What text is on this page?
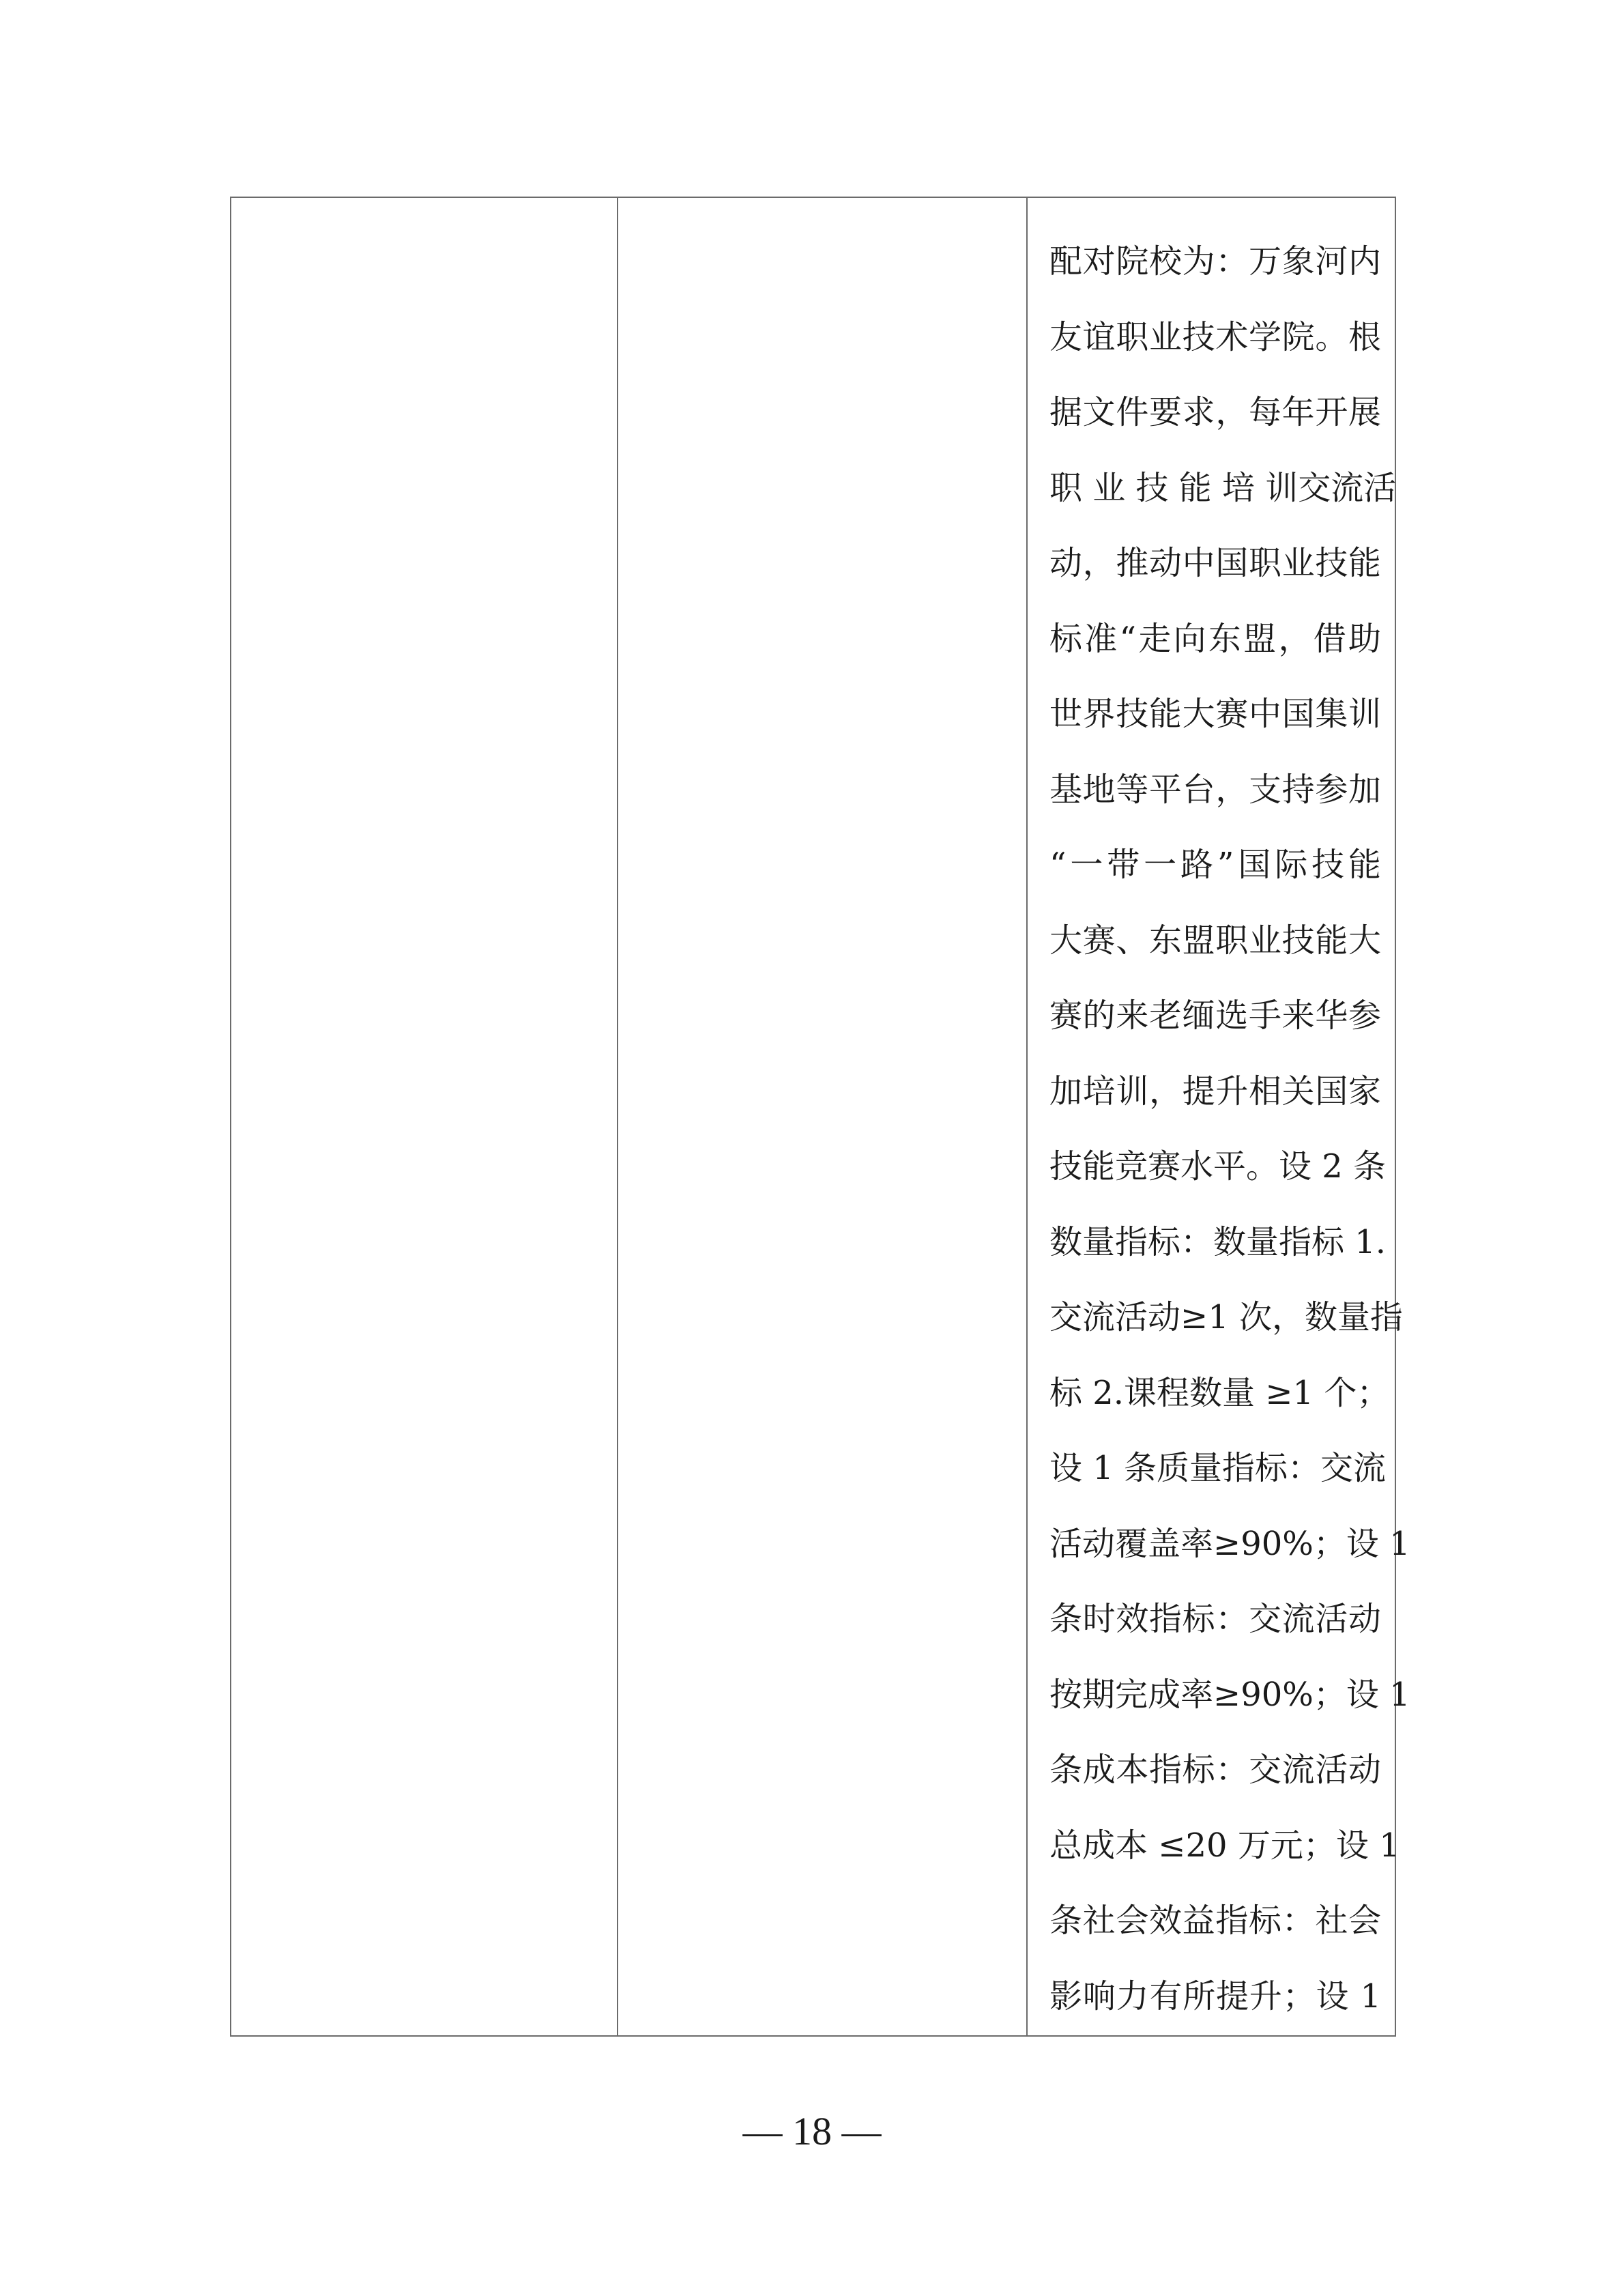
配对院校为：万象河内
友谊职业技术学院。根
据文件要求，每年开展
职 业 技 能 培 训交流活
动，推动中国职业技能
标准“走向东盟，借助
世界技能大赛中国集训
基地等平台，支持参加
“一带一路”国际技能
大赛、东盟职业技能大
赛的来老缅选手来华参
加培训，提升相关国家
技能竞赛水平。设 2 条
数量指标：数量指标 1.
交流活动≥1 次，数量指
标 2.课程数量 ≥1 个；
设 1 条质量指标：交流
活动覆盖率≥90%；设 1
条时效指标：交流活动
按期完成率≥90%；设 1
条成本指标：交流活动
总成本 ≤20 万元；设 1
条社会效益指标：社会
影响力有所提升；设 1
— 18 —
